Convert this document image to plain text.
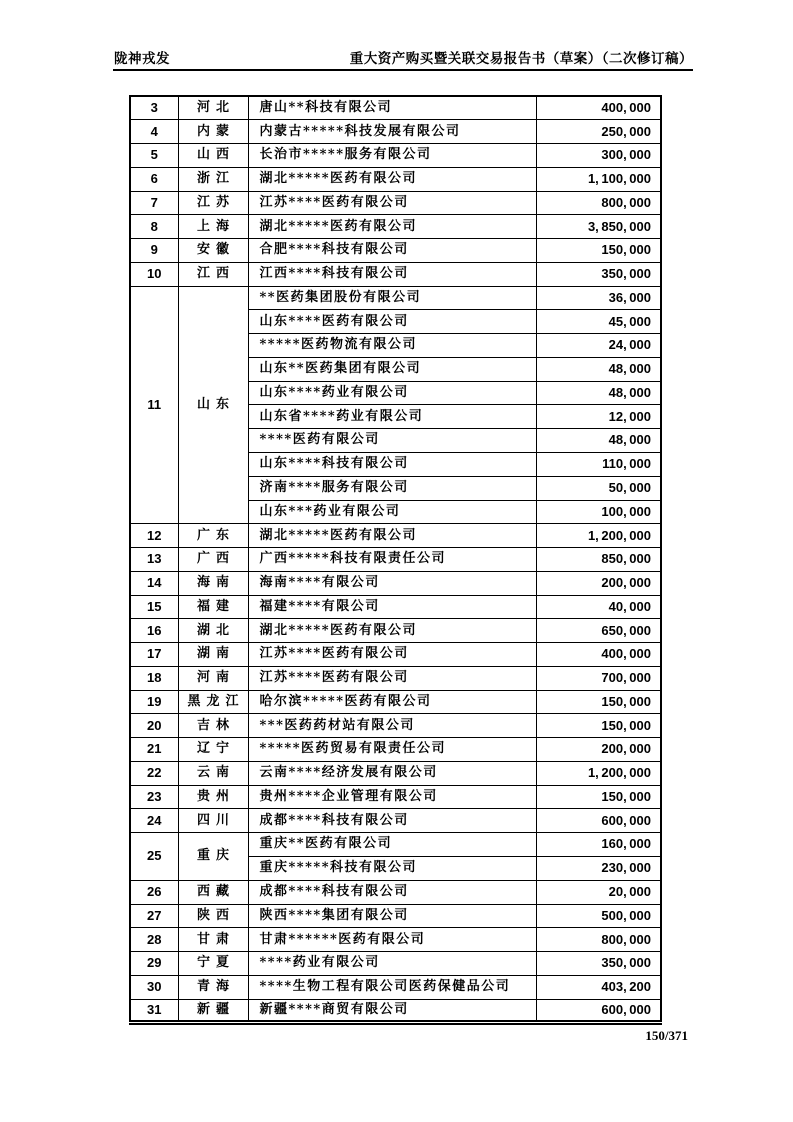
陇神戎发	重大资产购买暨关联交易报告书（草案）（二次修订稿）
3	河北	唐山**科技有限公司	400, 000
4	内蒙	内蒙古*****科技发展有限公司	250, 000
5	山西	长治市*****服务有限公司	300, 000
6	浙江	湖北*****医药有限公司	1, 100, 000
7	江苏	江苏****医药有限公司	800, 000
8	上海	湖北*****医药有限公司	3, 850, 000
9	安徽	合肥****科技有限公司	150, 000
10	江西	江西****科技有限公司	350, 000
11	山东	**医药集团股份有限公司	36, 000
		山东****医药有限公司	45, 000
		*****医药物流有限公司	24, 000
		山东**医药集团有限公司	48, 000
		山东****药业有限公司	48, 000
		山东省****药业有限公司	12, 000
		****医药有限公司	48, 000
		山东****科技有限公司	110, 000
		济南****服务有限公司	50, 000
		山东***药业有限公司	100, 000
12	广东	湖北*****医药有限公司	1, 200, 000
13	广西	广西*****科技有限责任公司	850, 000
14	海南	海南****有限公司	200, 000
15	福建	福建****有限公司	40, 000
16	湖北	湖北*****医药有限公司	650, 000
17	湖南	江苏****医药有限公司	400, 000
18	河南	江苏****医药有限公司	700, 000
19	黑龙江	哈尔滨*****医药有限公司	150, 000
20	吉林	***医药药材站有限公司	150, 000
21	辽宁	*****医药贸易有限责任公司	200, 000
22	云南	云南****经济发展有限公司	1, 200, 000
23	贵州	贵州****企业管理有限公司	150, 000
24	四川	成都****科技有限公司	600, 000
25	重庆	重庆**医药有限公司	160, 000
		重庆*****科技有限公司	230, 000
26	西藏	成都****科技有限公司	20, 000
27	陕西	陕西****集团有限公司	500, 000
28	甘肃	甘肃******医药有限公司	800, 000
29	宁夏	****药业有限公司	350, 000
30	青海	****生物工程有限公司医药保健品公司	403, 200
31	新疆	新疆****商贸有限公司	600, 000
150/371
